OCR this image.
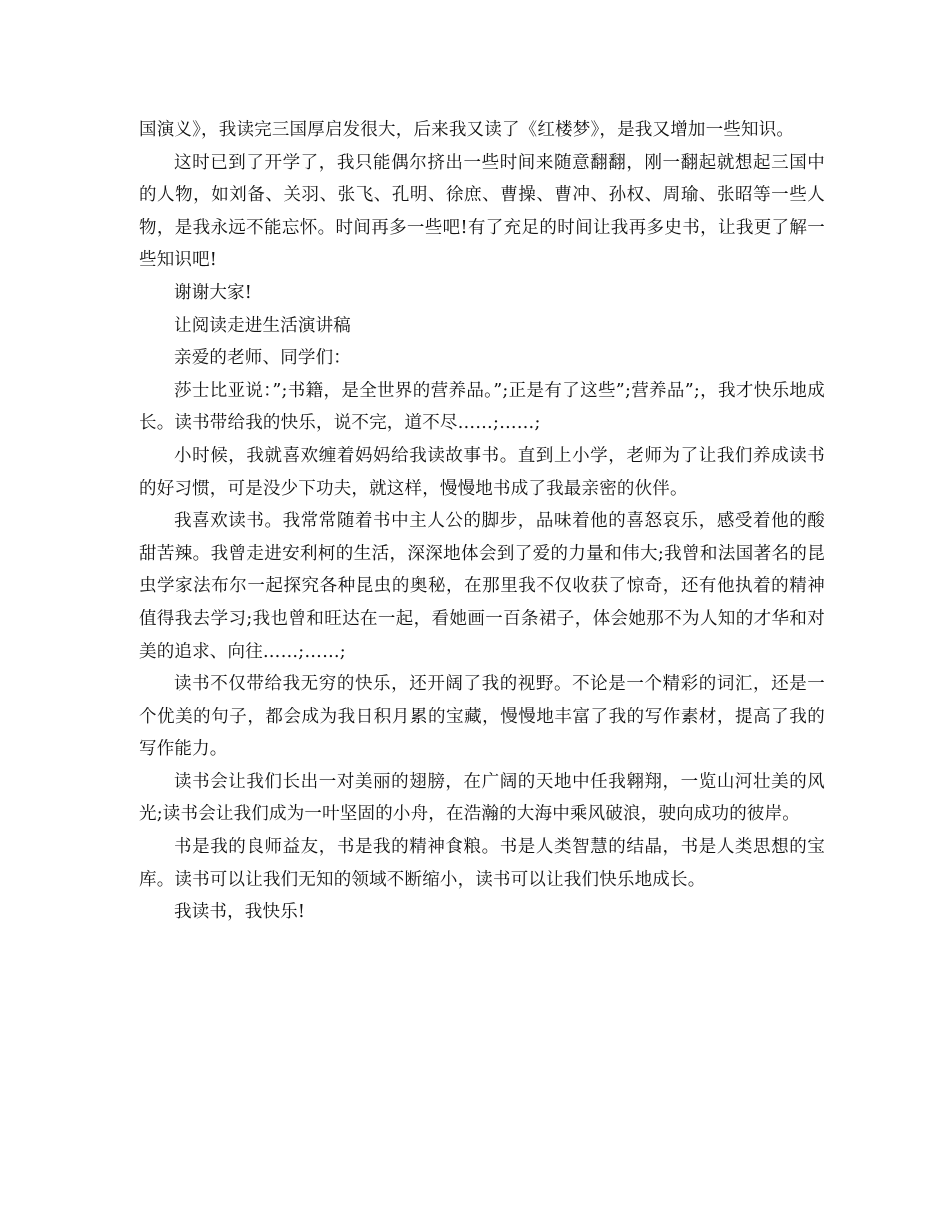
国演义》，我读完三国厚启发很大，后来我又读了《红楼梦》，是我又增加一些知识。

这时已到了开学了，我只能偶尔挤出一些时间来随意翻翻，刚一翻起就想起三国中的人物，如刘备、关羽、张飞、孔明、徐庶、曹操、曹冲、孙权、周瑜、张昭等一些人物，是我永远不能忘怀。时间再多一些吧!有了充足的时间让我再多史书，让我更了解一些知识吧!

谢谢大家!

让阅读走进生活演讲稿

亲爱的老师、同学们：

莎士比亚说：”;书籍，是全世界的营养品。”;正是有了这些”;营养品”;，我才快乐地成长。读书带给我的快乐，说不完，道不尽……;……;

小时候，我就喜欢缠着妈妈给我读故事书。直到上小学，老师为了让我们养成读书的好习惯，可是没少下功夫，就这样，慢慢地书成了我最亲密的伙伴。

我喜欢读书。我常常随着书中主人公的脚步，品味着他的喜怒哀乐，感受着他的酸甜苦辣。我曾走进安利柯的生活，深深地体会到了爱的力量和伟大;我曾和法国著名的昆虫学家法布尔一起探究各种昆虫的奥秘，在那里我不仅收获了惊奇，还有他执着的精神值得我去学习;我也曾和旺达在一起，看她画一百条裙子，体会她那不为人知的才华和对美的追求、向往……;……;

读书不仅带给我无穷的快乐，还开阔了我的视野。不论是一个精彩的词汇，还是一个优美的句子，都会成为我日积月累的宝藏，慢慢地丰富了我的写作素材，提高了我的写作能力。

读书会让我们长出一对美丽的翅膀，在广阔的天地中任我翱翔，一览山河壮美的风光;读书会让我们成为一叶坚固的小舟，在浩瀚的大海中乘风破浪，驶向成功的彼岸。

书是我的良师益友，书是我的精神食粮。书是人类智慧的结晶，书是人类思想的宝库。读书可以让我们无知的领域不断缩小，读书可以让我们快乐地成长。

我读书，我快乐!
